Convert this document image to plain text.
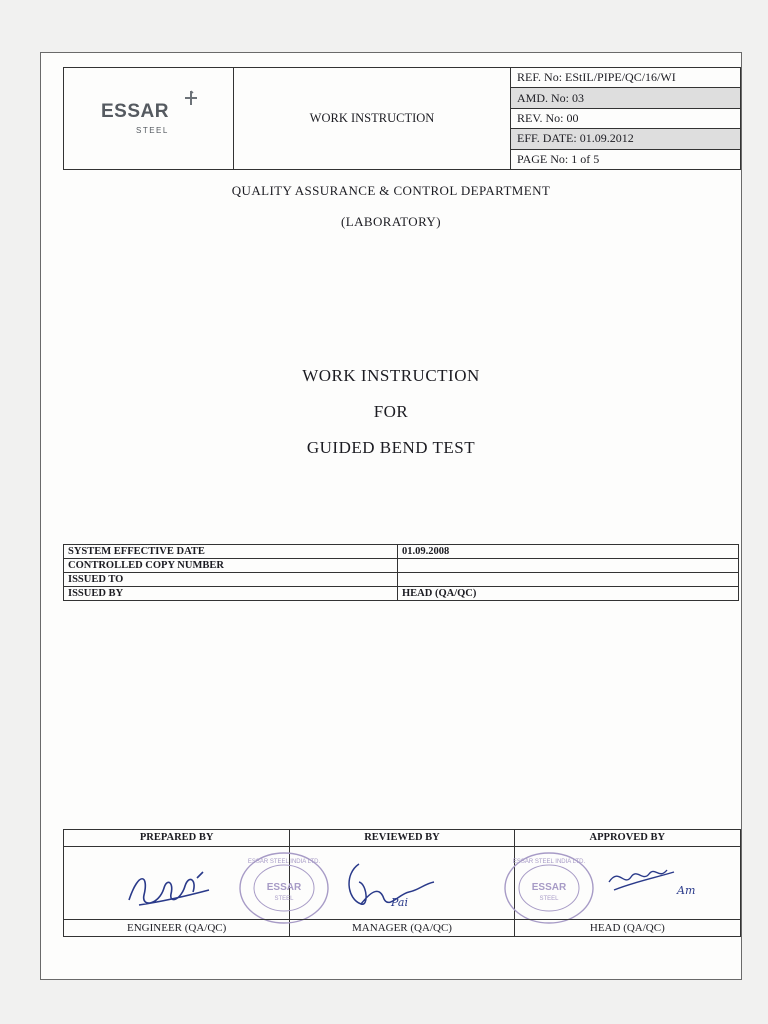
ESSAR
STEEL
WORK INSTRUCTION
REF. No: EStIL/PIPE/QC/16/WI
AMD. No: 03
REV. No: 00
EFF. DATE: 01.09.2012
PAGE No: 1 of 5
QUALITY ASSURANCE & CONTROL DEPARTMENT
(LABORATORY)
WORK INSTRUCTION
FOR
GUIDED BEND TEST
SYSTEM EFFECTIVE DATE	01.09.2008
CONTROLLED COPY NUMBER	
ISSUED TO	
ISSUED BY	HEAD (QA/QC)
PREPARED BY	REVIEWED BY	APPROVED BY
ESSAR
STEEL
ESSAR STEEL INDIA LTD.
Pai
ESSAR
STEEL
ESSAR STEEL INDIA LTD.
Am
ENGINEER (QA/QC)	MANAGER (QA/QC)	HEAD (QA/QC)
